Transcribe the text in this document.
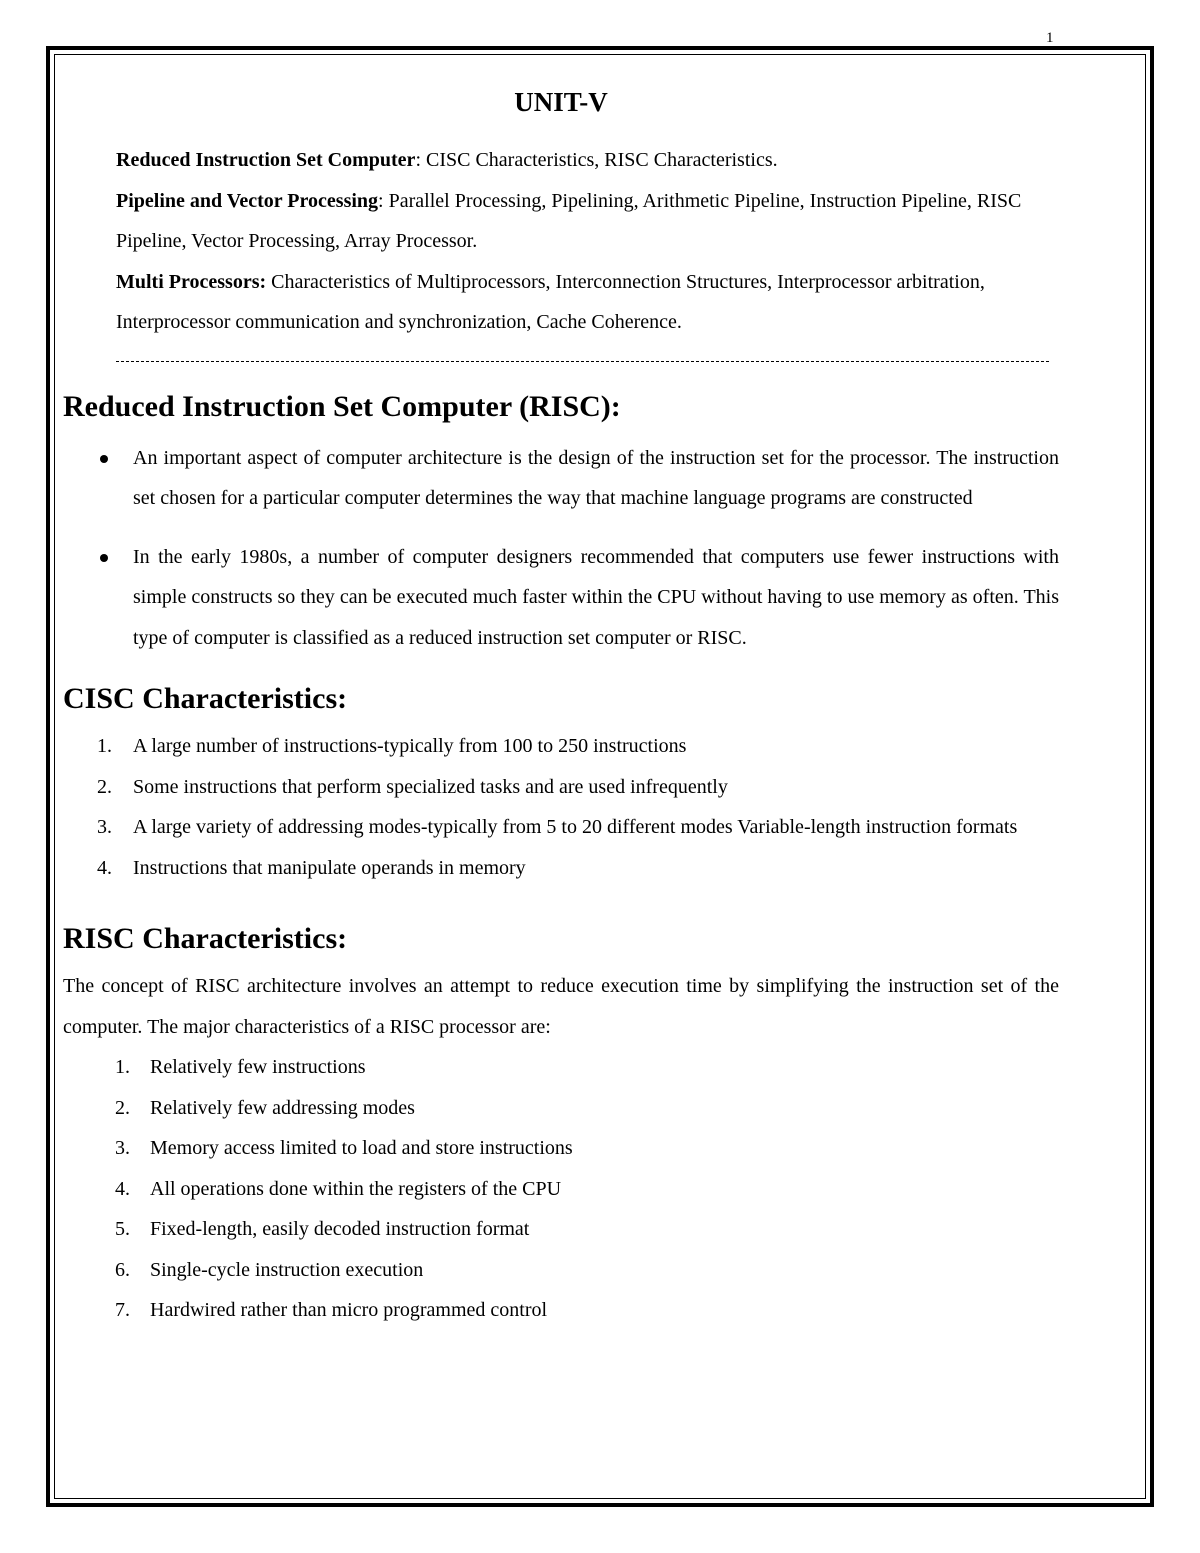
1
UNIT-V

Reduced Instruction Set Computer: CISC Characteristics, RISC Characteristics.

Pipeline and Vector Processing: Parallel Processing, Pipelining, Arithmetic Pipeline, Instruction Pipeline, RISC Pipeline, Vector Processing, Array Processor.

Multi Processors: Characteristics of Multiprocessors, Interconnection Structures, Interprocessor arbitration, Interprocessor communication and synchronization, Cache Coherence.

Reduced Instruction Set Computer (RISC):
An important aspect of computer architecture is the design of the instruction set for the processor. The instruction set chosen for a particular computer determines the way that machine language programs are constructed
In the early 1980s, a number of computer designers recommended that computers use fewer instructions with simple constructs so they can be executed much faster within the CPU without having to use memory as often. This type of computer is classified as a reduced instruction set computer or RISC.
CISC Characteristics:
1. A large number of instructions-typically from 100 to 250 instructions
2. Some instructions that perform specialized tasks and are used infrequently
3. A large variety of addressing modes-typically from 5 to 20 different modes Variable-length instruction formats
4. Instructions that manipulate operands in memory
RISC Characteristics:

The concept of RISC architecture involves an attempt to reduce execution time by simplifying the instruction set of the computer. The major characteristics of a RISC processor are:

1. Relatively few instructions
2. Relatively few addressing modes
3. Memory access limited to load and store instructions
4. All operations done within the registers of the CPU
5. Fixed-length, easily decoded instruction format
6. Single-cycle instruction execution
7. Hardwired rather than micro programmed control
